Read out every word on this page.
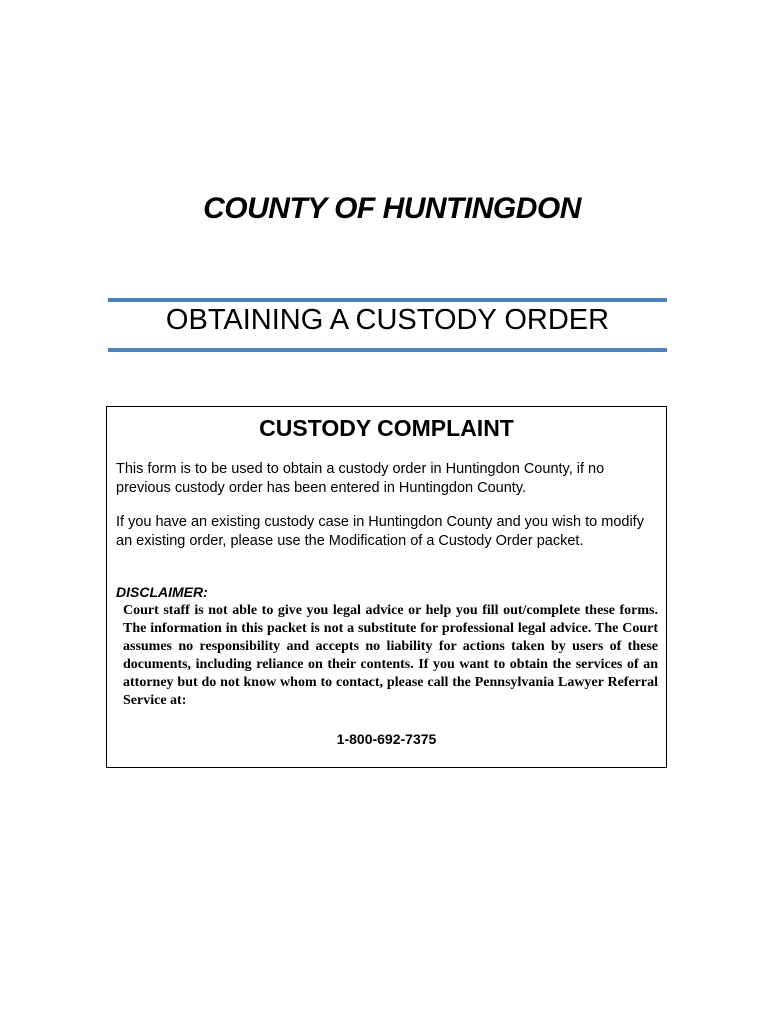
COUNTY OF HUNTINGDON
OBTAINING A CUSTODY ORDER
CUSTODY COMPLAINT
This form is to be used to obtain a custody order in Huntingdon County, if no previous custody order has been entered in Huntingdon County.
If you have an existing custody case in Huntingdon County and you wish to modify an existing order, please use the Modification of a Custody Order packet.
DISCLAIMER:
Court staff is not able to give you legal advice or help you fill out/complete these forms. The information in this packet is not a substitute for professional legal advice. The Court assumes no responsibility and accepts no liability for actions taken by users of these documents, including reliance on their contents. If you want to obtain the services of an attorney but do not know whom to contact, please call the Pennsylvania Lawyer Referral Service at:
1-800-692-7375
